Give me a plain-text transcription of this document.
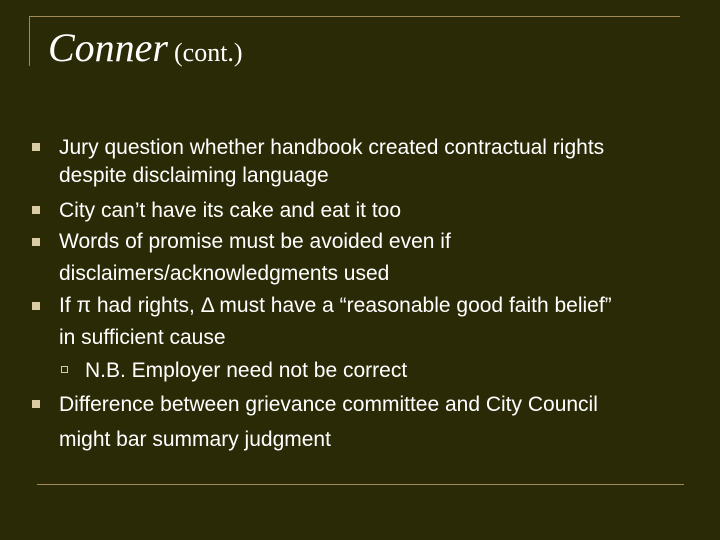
Conner (cont.)
Jury question whether handbook created contractual rights
despite disclaiming language
City can’t have its cake and eat it too
Words of promise must be avoided even if
disclaimers/acknowledgments used
If π had rights, Δ must have a “reasonable good faith belief”
in sufficient cause
N.B. Employer need not be correct
Difference between grievance committee and City Council
might bar summary judgment
